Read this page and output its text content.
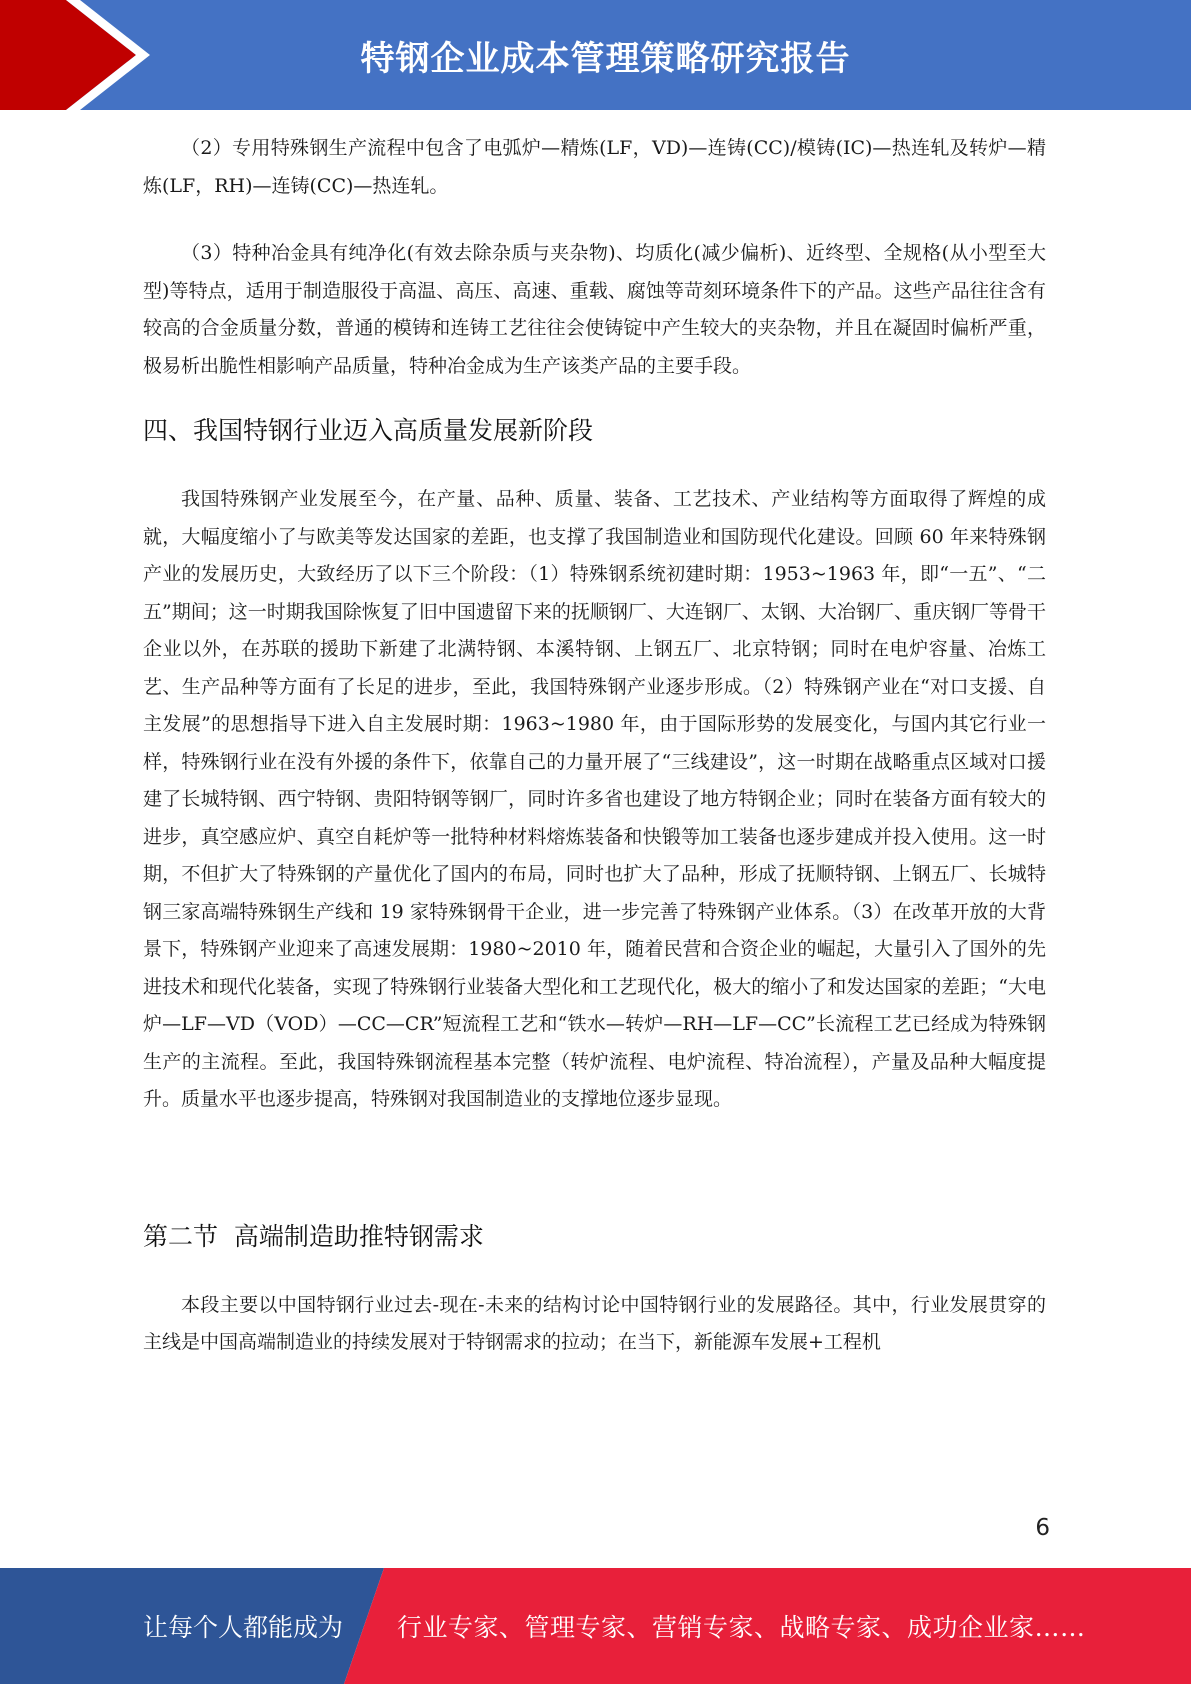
特钢企业成本管理策略研究报告

（2）专用特殊钢生产流程中包含了电弧炉—精炼(LF，VD)—连铸(CC)/模铸(IC)—热连轧及转炉—精炼(LF，RH)—连铸(CC)—热连轧。

（3）特种冶金具有纯净化(有效去除杂质与夹杂物)、均质化(减少偏析)、近终型、全规格(从小型至大型)等特点，适用于制造服役于高温、高压、高速、重载、腐蚀等苛刻环境条件下的产品。这些产品往往含有较高的合金质量分数，普通的模铸和连铸工艺往往会使铸锭中产生较大的夹杂物，并且在凝固时偏析严重，极易析出脆性相影响产品质量，特种冶金成为生产该类产品的主要手段。

四、我国特钢行业迈入高质量发展新阶段

我国特殊钢产业发展至今，在产量、品种、质量、装备、工艺技术、产业结构等方面取得了辉煌的成就，大幅度缩小了与欧美等发达国家的差距，也支撑了我国制造业和国防现代化建设。回顾 60 年来特殊钢产业的发展历史，大致经历了以下三个阶段：（1）特殊钢系统初建时期：1953~1963 年，即“一五”、“二五”期间；这一时期我国除恢复了旧中国遗留下来的抚顺钢厂、大连钢厂、太钢、大冶钢厂、重庆钢厂等骨干企业以外，在苏联的援助下新建了北满特钢、本溪特钢、上钢五厂、北京特钢；同时在电炉容量、冶炼工艺、生产品种等方面有了长足的进步，至此，我国特殊钢产业逐步形成。（2）特殊钢产业在“对口支援、自主发展”的思想指导下进入自主发展时期：1963~1980 年，由于国际形势的发展变化，与国内其它行业一样，特殊钢行业在没有外援的条件下，依靠自己的力量开展了“三线建设”，这一时期在战略重点区域对口援建了长城特钢、西宁特钢、贵阳特钢等钢厂，同时许多省也建设了地方特钢企业；同时在装备方面有较大的进步，真空感应炉、真空自耗炉等一批特种材料熔炼装备和快锻等加工装备也逐步建成并投入使用。这一时期，不但扩大了特殊钢的产量优化了国内的布局，同时也扩大了品种，形成了抚顺特钢、上钢五厂、长城特钢三家高端特殊钢生产线和 19 家特殊钢骨干企业，进一步完善了特殊钢产业体系。（3）在改革开放的大背景下，特殊钢产业迎来了高速发展期：1980~2010 年，随着民营和合资企业的崛起，大量引入了国外的先进技术和现代化装备，实现了特殊钢行业装备大型化和工艺现代化，极大的缩小了和发达国家的差距；“大电炉—LF—VD（VOD）—CC—CR”短流程工艺和“铁水—转炉—RH—LF—CC”长流程工艺已经成为特殊钢生产的主流程。至此，我国特殊钢流程基本完整（转炉流程、电炉流程、特冶流程），产量及品种大幅度提升。质量水平也逐步提高，特殊钢对我国制造业的支撑地位逐步显现。

第二节  高端制造助推特钢需求

本段主要以中国特钢行业过去-现在-未来的结构讨论中国特钢行业的发展路径。其中，行业发展贯穿的主线是中国高端制造业的持续发展对于特钢需求的拉动；在当下，新能源车发展+工程机

6
让每个人都能成为 行业专家、管理专家、营销专家、战略专家、成功企业家……
